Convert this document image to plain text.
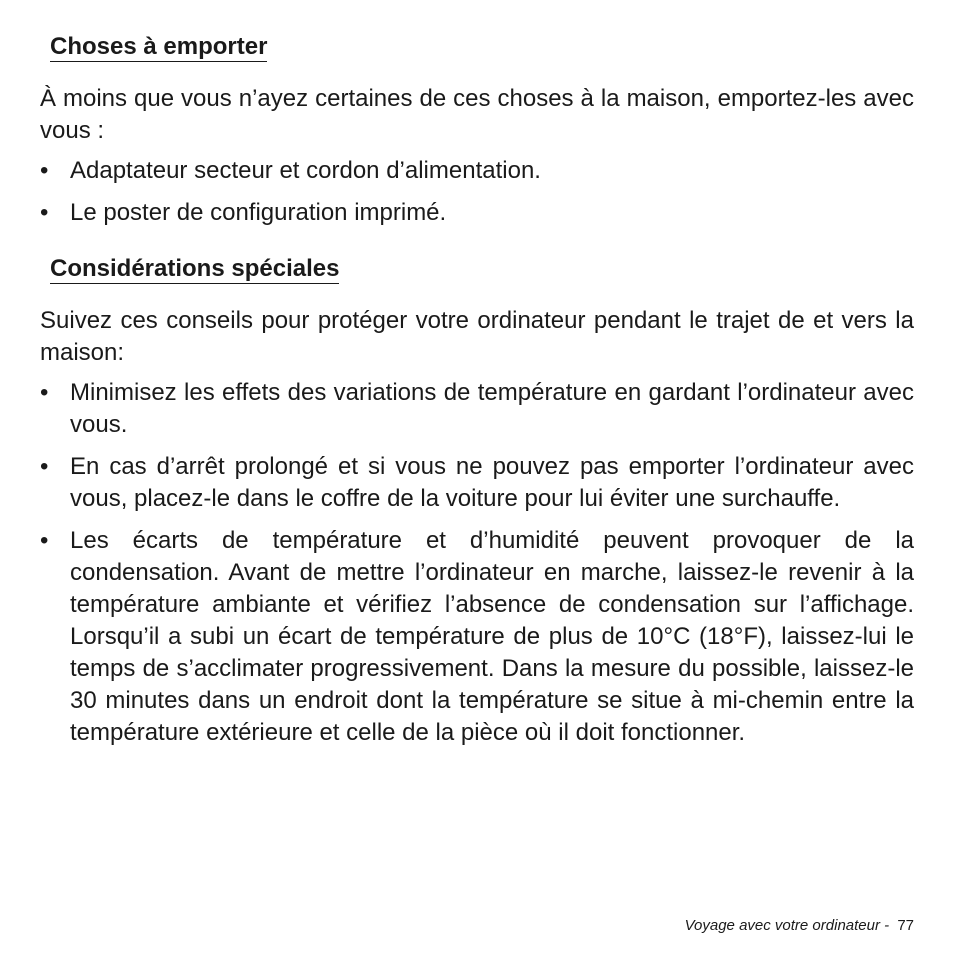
Choses à emporter

À moins que vous n’ayez certaines de ces choses à la maison, emportez-les avec vous :

• Adaptateur secteur et cordon d’alimentation.
• Le poster de configuration imprimé.
Considérations spéciales

Suivez ces conseils pour protéger votre ordinateur pendant le trajet de et vers la maison:

• Minimisez les effets des variations de température en gardant l’ordinateur avec vous.
• En cas d’arrêt prolongé et si vous ne pouvez pas emporter l’ordinateur avec vous, placez-le dans le coffre de la voiture pour lui éviter une surchauffe.
• Les écarts de température et d’humidité peuvent provoquer de la condensation. Avant de mettre l’ordinateur en marche, laissez-le revenir à la température ambiante et vérifiez l’absence de condensation sur l’affichage. Lorsqu’il a subi un écart de température de plus de 10°C (18°F), laissez-lui le temps de s’acclimater progressivement. Dans la mesure du possible, laissez-le 30 minutes dans un endroit dont la température se situe à mi-chemin entre la température extérieure et celle de la pièce où il doit fonctionner.
Voyage avec votre ordinateur - 77
